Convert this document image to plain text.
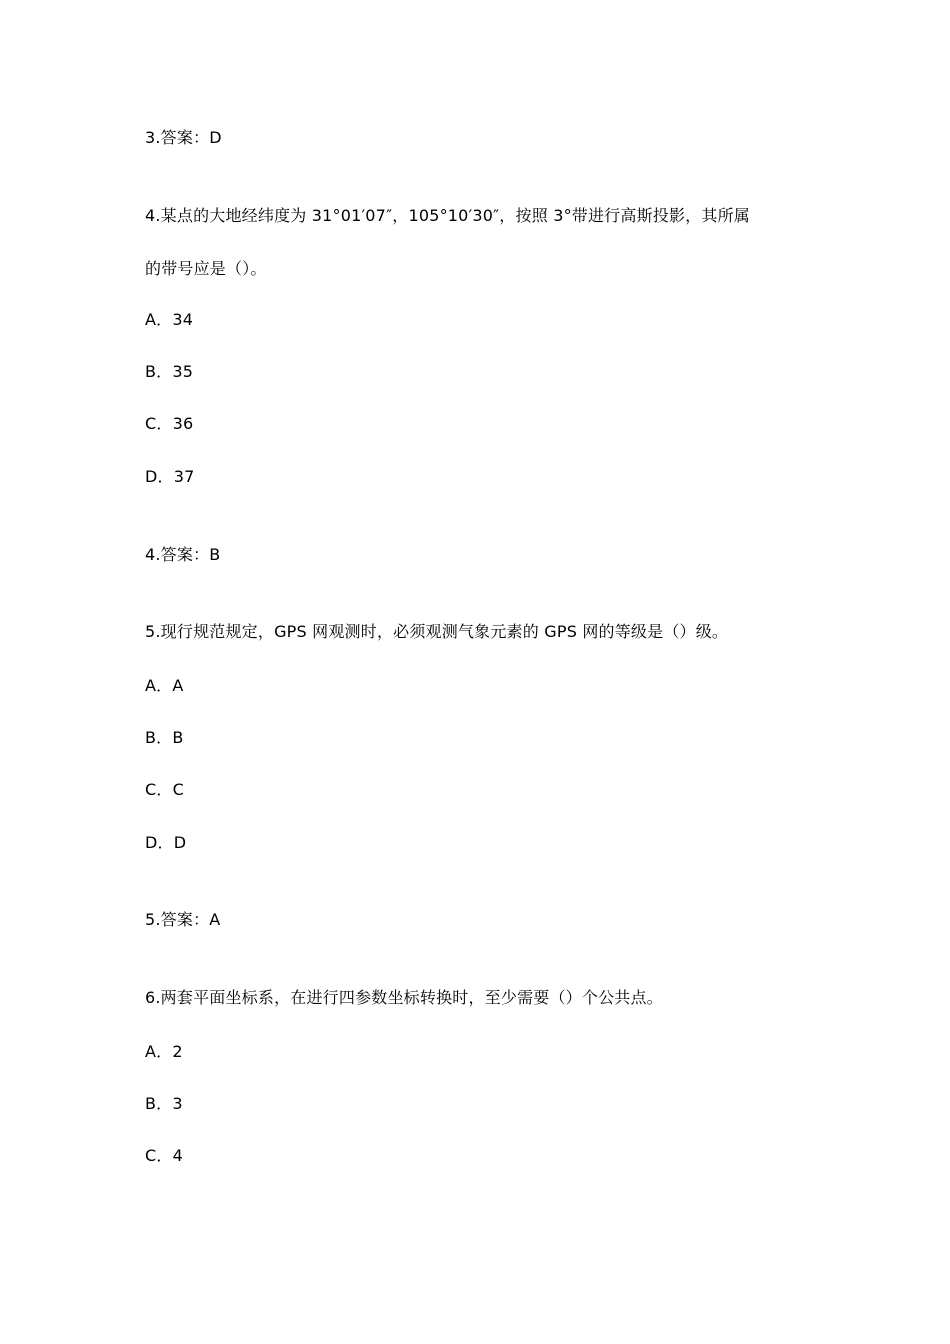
3.答案：D
4.某点的大地经纬度为 31°01′07″，105°10′30″，按照 3°带进行高斯投影，其所属
的带号应是（）。
A．34
B．35
C．36
D．37
4.答案：B
5.现行规范规定，GPS 网观测时，必须观测气象元素的 GPS 网的等级是（）级。
A．A
B．B
C．C
D．D
5.答案：A
6.两套平面坐标系，在进行四参数坐标转换时，至少需要（）个公共点。
A．2
B．3
C．4
